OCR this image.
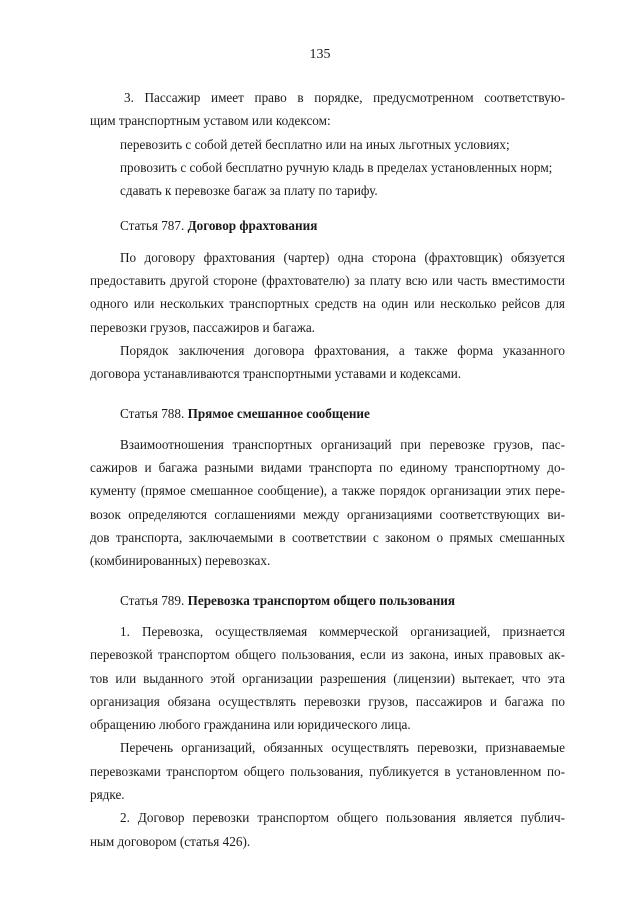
135
3. Пассажир имеет право в порядке, предусмотренном соответствую-
щим транспортным уставом или кодексом:
перевозить с собой детей бесплатно или на иных льготных условиях;
провозить с собой бесплатно ручную кладь в пределах установленных норм;
сдавать к перевозке багаж за плату по тарифу.
Статья 787. Договор фрахтования
По договору фрахтования (чартер) одна сторона (фрахтовщик) обязуется
предоставить другой стороне (фрахтователю) за плату всю или часть вместимости
одного или нескольких транспортных средств на один или несколько рейсов для
перевозки грузов, пассажиров и багажа.
Порядок заключения договора фрахтования, а также форма указанного
договора устанавливаются транспортными уставами и кодексами.
Статья 788. Прямое смешанное сообщение
Взаимоотношения транспортных организаций при перевозке грузов, пас-
сажиров и багажа разными видами транспорта по единому транспортному до-
кументу (прямое смешанное сообщение), а также порядок организации этих пере-
возок определяются соглашениями между организациями соответствующих ви-
дов транспорта, заключаемыми в соответствии с законом о прямых смешанных
(комбинированных) перевозках.
Статья 789. Перевозка транспортом общего пользования
1. Перевозка, осуществляемая коммерческой организацией, признается
перевозкой транспортом общего пользования, если из закона, иных правовых ак-
тов или выданного этой организации разрешения (лицензии) вытекает, что эта
организация обязана осуществлять перевозки грузов, пассажиров и багажа по
обращению любого гражданина или юридического лица.
Перечень организаций, обязанных осуществлять перевозки, признаваемые
перевозками транспортом общего пользования, публикуется в установленном по-
рядке.
2. Договор перевозки транспортом общего пользования является публич-
ным договором (статья 426).
